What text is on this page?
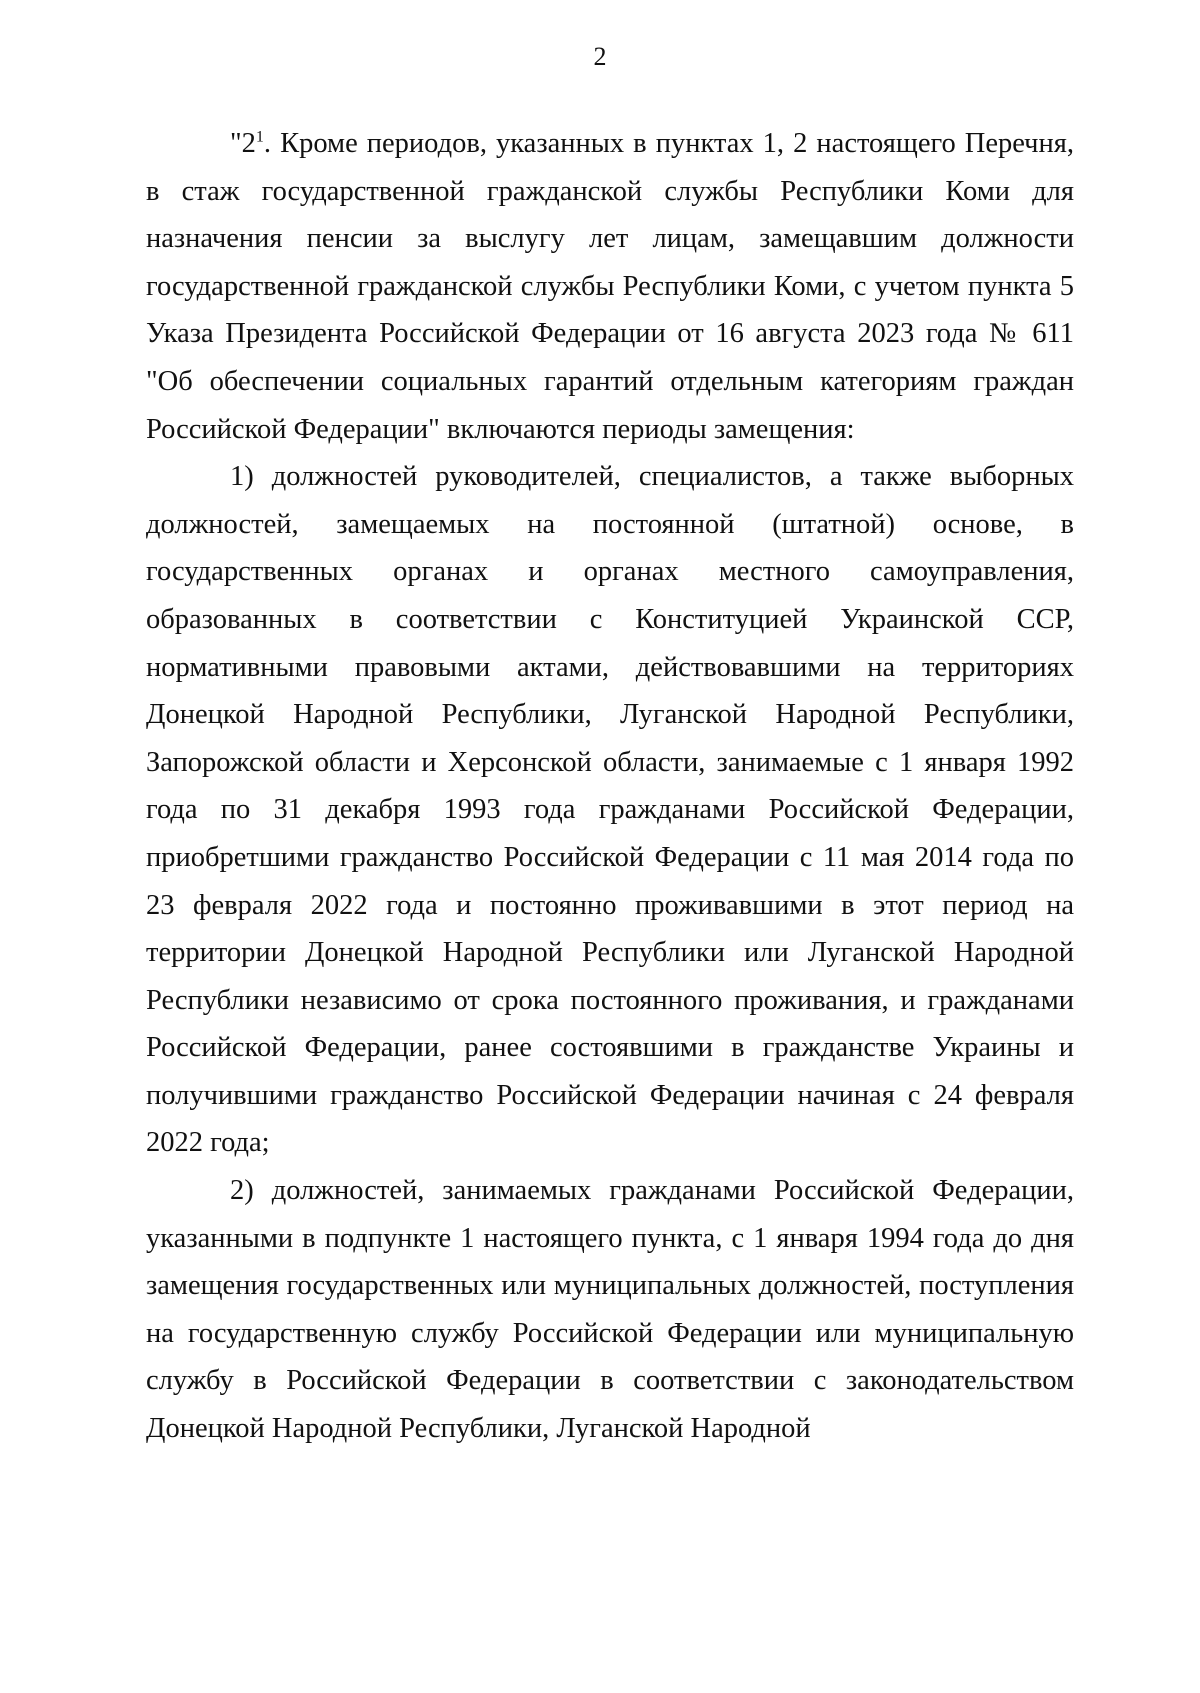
2

"$2^1$. Кроме периодов, указанных в пунктах 1, 2 настоящего Перечня, в стаж государственной гражданской службы Республики Коми для назначения пенсии за выслугу лет лицам, замещавшим должности государственной гражданской службы Республики Коми, с учетом пункта 5 Указа Президента Российской Федерации от 16 августа 2023 года № 611 "Об обеспечении социальных гарантий отдельным категориям граждан Российской Федерации" включаются периоды замещения:

1) должностей руководителей, специалистов, а также выборных должностей, замещаемых на постоянной (штатной) основе, в государственных органах и органах местного самоуправления, образованных в соответствии с Конституцией Украинской ССР, нормативными правовыми актами, действовавшими на территориях Донецкой Народной Республики, Луганской Народной Республики, Запорожской области и Херсонской области, занимаемые с 1 января 1992 года по 31 декабря 1993 года гражданами Российской Федерации, приобретшими гражданство Российской Федерации с 11 мая 2014 года по 23 февраля 2022 года и постоянно проживавшими в этот период на территории Донецкой Народной Республики или Луганской Народной Республики независимо от срока постоянного проживания, и гражданами Российской Федерации, ранее состоявшими в гражданстве Украины и получившими гражданство Российской Федерации начиная с 24 февраля 2022 года;

2) должностей, занимаемых гражданами Российской Федерации, указанными в подпункте 1 настоящего пункта, с 1 января 1994 года до дня замещения государственных или муниципальных должностей, поступления на государственную службу Российской Федерации или муниципальную службу в Российской Федерации в соответствии с законодательством Донецкой Народной Республики, Луганской Народной
